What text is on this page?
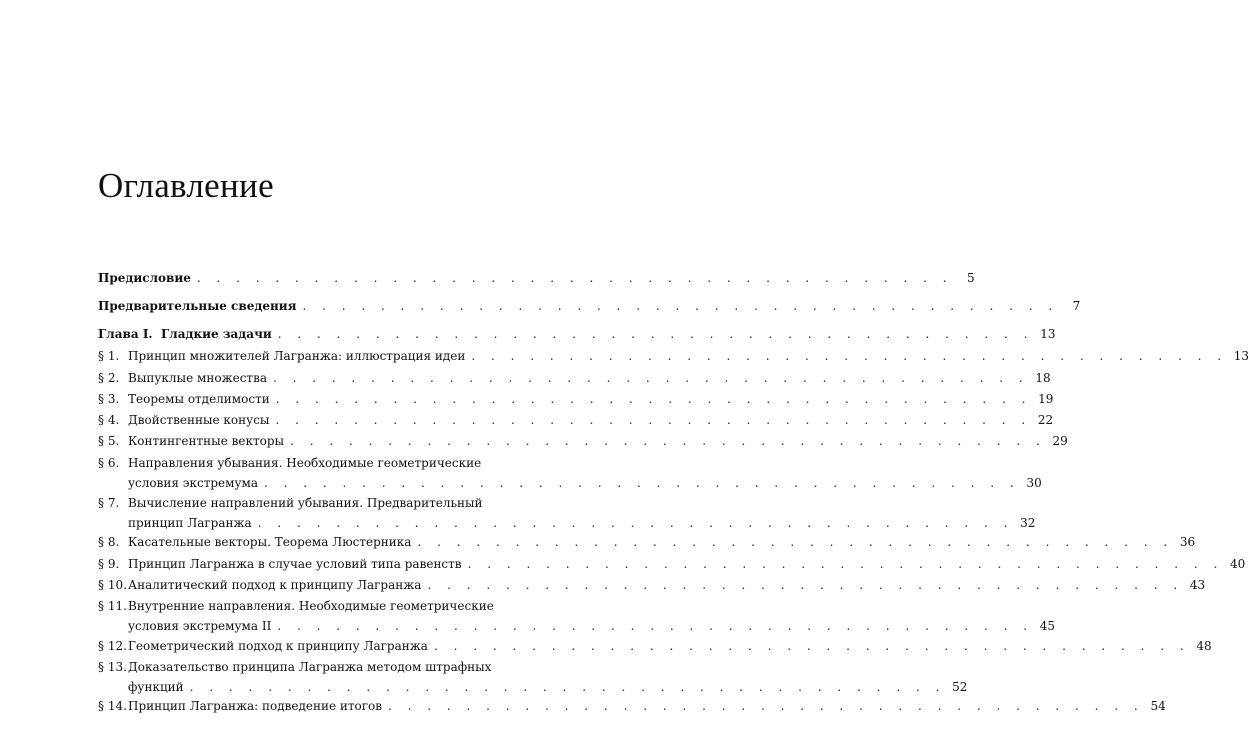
Оглавление
Предисловие . . . . . . . . . . . . . . . . . . . . . . . . . . . . . . . . . . . . . . .	5
Предварительные сведения . . . . . . . . . . . . . . . . . . . . . . . . . . . . . . . . . . . . . . .	7
Глава I.  Гладкие задачи . . . . . . . . . . . . . . . . . . . . . . . . . . . . . . . . . . . . . . . 13
§ 1. Принцип множителей Лагранжа: иллюстрация идеи . . . . . . . . . . . . . . . . . . . . . . . . . . . . . . . . . . . . . . . 13
§ 2. Выпуклые множества . . . . . . . . . . . . . . . . . . . . . . . . . . . . . . . . . . . . . . . 18
§ 3. Теоремы отделимости . . . . . . . . . . . . . . . . . . . . . . . . . . . . . . . . . . . . . . . 19
§ 4. Двойственные конусы . . . . . . . . . . . . . . . . . . . . . . . . . . . . . . . . . . . . . . . 22
§ 5. Контингентные векторы . . . . . . . . . . . . . . . . . . . . . . . . . . . . . . . . . . . . . . . 29
§ 6. Направления убывания. Необходимые геометрические
условия экстремума . . . . . . . . . . . . . . . . . . . . . . . . . . . . . . . . . . . . . . . 30
§ 7. Вычисление направлений убывания. Предварительный
принцип Лагранжа . . . . . . . . . . . . . . . . . . . . . . . . . . . . . . . . . . . . . . . 32
§ 8. Касательные векторы. Теорема Люстерника . . . . . . . . . . . . . . . . . . . . . . . . . . . . . . . . . . . . . . . 36
§ 9. Принцип Лагранжа в случае условий типа равенств . . . . . . . . . . . . . . . . . . . . . . . . . . . . . . . . . . . . . . . 40
§ 10. Аналитический подход к принципу Лагранжа . . . . . . . . . . . . . . . . . . . . . . . . . . . . . . . . . . . . . . . 43
§ 11. Внутренние направления. Необходимые геометрические
условия экстремума II . . . . . . . . . . . . . . . . . . . . . . . . . . . . . . . . . . . . . . . 45
§ 12. Геометрический подход к принципу Лагранжа . . . . . . . . . . . . . . . . . . . . . . . . . . . . . . . . . . . . . . . 48
§ 13. Доказательство принципа Лагранжа методом штрафных
функций . . . . . . . . . . . . . . . . . . . . . . . . . . . . . . . . . . . . . . . 52
§ 14. Принцип Лагранжа: подведение итогов . . . . . . . . . . . . . . . . . . . . . . . . . . . . . . . . . . . . . . . 54
